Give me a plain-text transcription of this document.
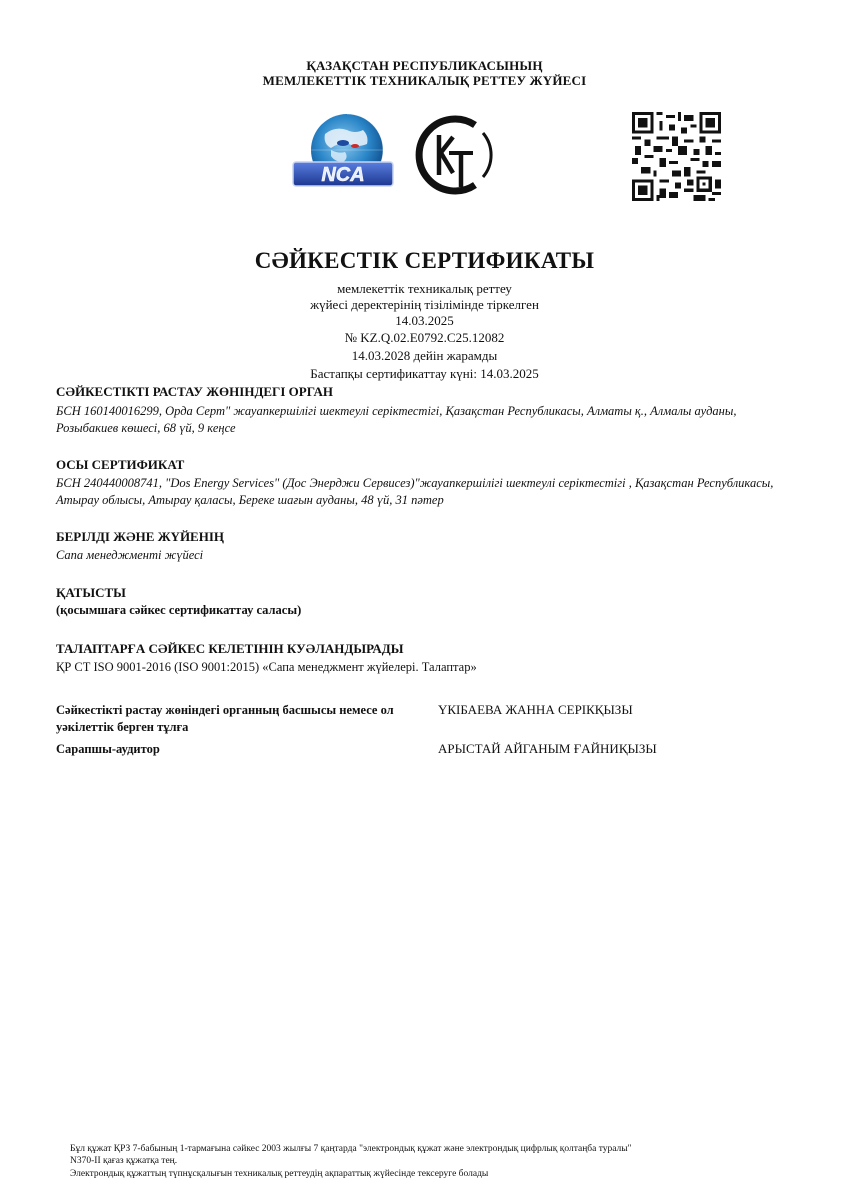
ҚАЗАҚСТАН РЕСПУБЛИКАСЫНЫҢ
МЕМЛЕКЕТТІК ТЕХНИКАЛЫҚ РЕТТЕУ ЖҮЙЕСІ
NCA
СӘЙКЕСТІК СЕРТИФИКАТЫ
мемлекеттік техникалық реттеу
жүйесі деректерінің тізілімінде тіркелген
14.03.2025
№ KZ.Q.02.E0792.C25.12082
14.03.2028 дейін жарамды
Бастапқы сертификаттау күні: 14.03.2025
СӘЙКЕСТІКТІ РАСТАУ ЖӨНІНДЕГІ ОРГАН
БСН 160140016299, Орда Серт" жауапкершілігі шектеулі серіктестігі, Қазақстан Республикасы, Алматы қ., Алмалы ауданы, Розыбакиев көшесі, 68 үй, 9 кеңсе
ОСЫ СЕРТИФИКАТ
БСН 240440008741, "Dos Energy Services" (Дос Энерджи Сервисез)"жауапкершілігі шектеулі серіктестігі , Қазақстан Республикасы, Атырау облысы, Атырау қаласы, Береке шағын ауданы, 48 үй, 31 пәтер
БЕРІЛДІ ЖӘНЕ ЖҮЙЕНІҢ
Сапа менеджменті жүйесі
ҚАТЫСТЫ
(қосымшаға сәйкес сертификаттау саласы)
ТАЛАПТАРҒА СӘЙКЕС КЕЛЕТІНІН КУӘЛАНДЫРАДЫ
ҚР СТ ISO 9001-2016 (ISO 9001:2015) «Сапа менеджмент жүйелері. Талаптар»
Сәйкестікті растау жөніндегі органның басшысы немесе ол уәкілеттік берген тұлға
ҮКІБАЕВА ЖАННА СЕРІКҚЫЗЫ
Сарапшы-аудитор	АРЫСТАЙ АЙГАНЫМ ҒАЙНИҚЫЗЫ
Бұл құжат ҚРЗ 7-бабының 1-тармағына сәйкес 2003 жылғы 7 қаңтарда "электрондық құжат және электрондық цифрлық қолтаңба туралы"
N370-II қағаз құжатқа тең.
Электрондық құжаттың түпнұсқалығын техникалық реттеудің ақпараттық жүйесінде тексеруге болады
